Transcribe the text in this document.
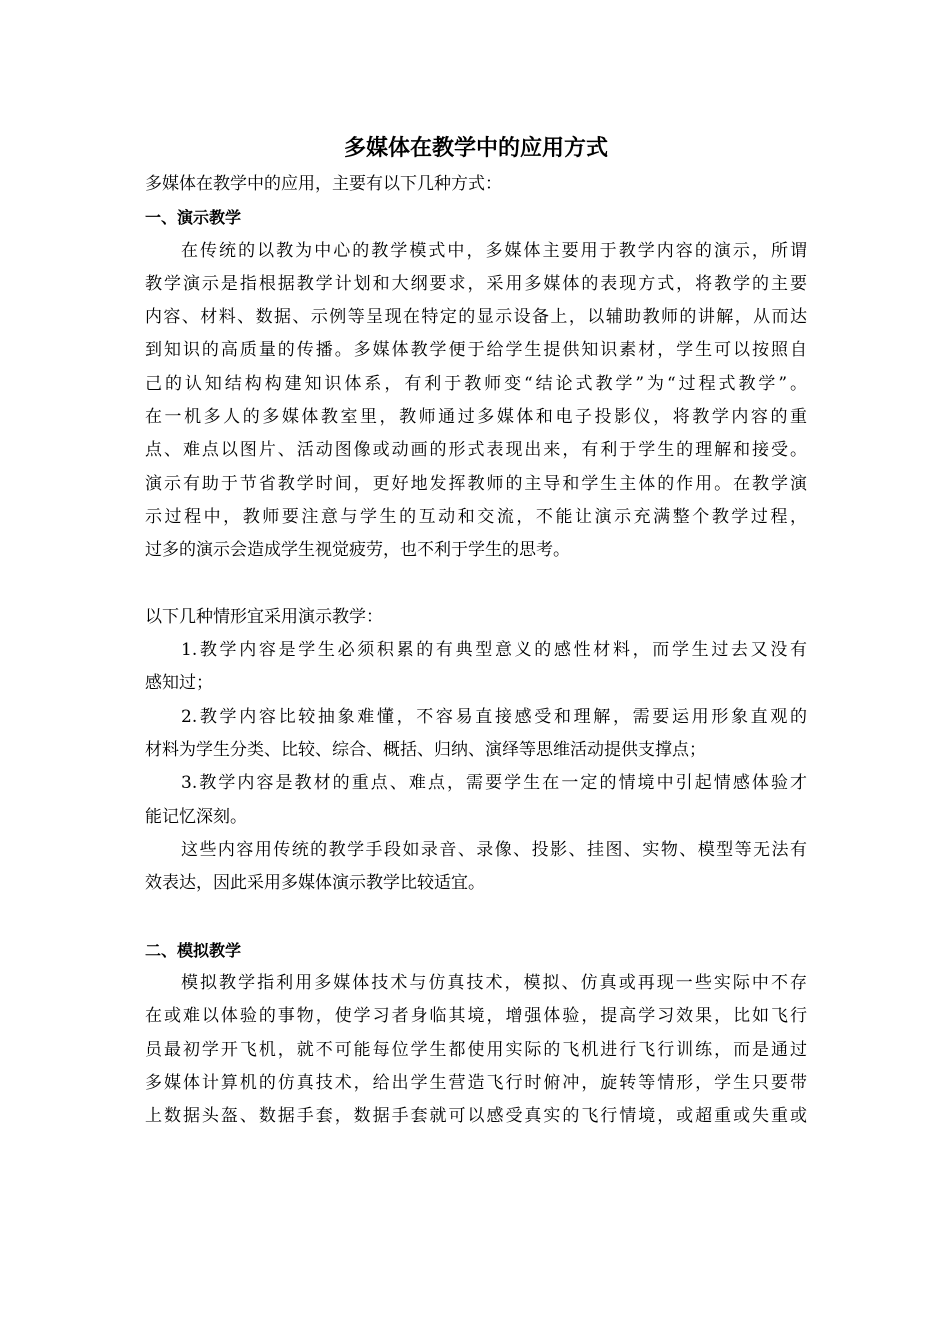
多媒体在教学中的应用方式
多媒体在教学中的应用，主要有以下几种方式：
一、演示教学
在传统的以教为中心的教学模式中，多媒体主要用于教学内容的演示，所谓
教学演示是指根据教学计划和大纲要求，采用多媒体的表现方式，将教学的主要
内容、材料、数据、示例等呈现在特定的显示设备上，以辅助教师的讲解，从而达
到知识的高质量的传播。多媒体教学便于给学生提供知识素材，学生可以按照自
己的认知结构构建知识体系，有利于教师变“结论式教学”为“过程式教学”。
在一机多人的多媒体教室里，教师通过多媒体和电子投影仪，将教学内容的重
点、难点以图片、活动图像或动画的形式表现出来，有利于学生的理解和接受。
演示有助于节省教学时间，更好地发挥教师的主导和学生主体的作用。在教学演
示过程中，教师要注意与学生的互动和交流，不能让演示充满整个教学过程，
过多的演示会造成学生视觉疲劳，也不利于学生的思考。
以下几种情形宜采用演示教学：
1.教学内容是学生必须积累的有典型意义的感性材料，而学生过去又没有
感知过；
2.教学内容比较抽象难懂，不容易直接感受和理解，需要运用形象直观的
材料为学生分类、比较、综合、概括、归纳、演绎等思维活动提供支撑点；
3.教学内容是教材的重点、难点，需要学生在一定的情境中引起情感体验才
能记忆深刻。
这些内容用传统的教学手段如录音、录像、投影、挂图、实物、模型等无法有
效表达，因此采用多媒体演示教学比较适宜。
二、模拟教学
模拟教学指利用多媒体技术与仿真技术，模拟、仿真或再现一些实际中不存
在或难以体验的事物，使学习者身临其境，增强体验，提高学习效果，比如飞行
员最初学开飞机，就不可能每位学生都使用实际的飞机进行飞行训练，而是通过
多媒体计算机的仿真技术，给出学生营造飞行时俯冲，旋转等情形，学生只要带
上数据头盔、数据手套，数据手套就可以感受真实的飞行情境，或超重或失重或
